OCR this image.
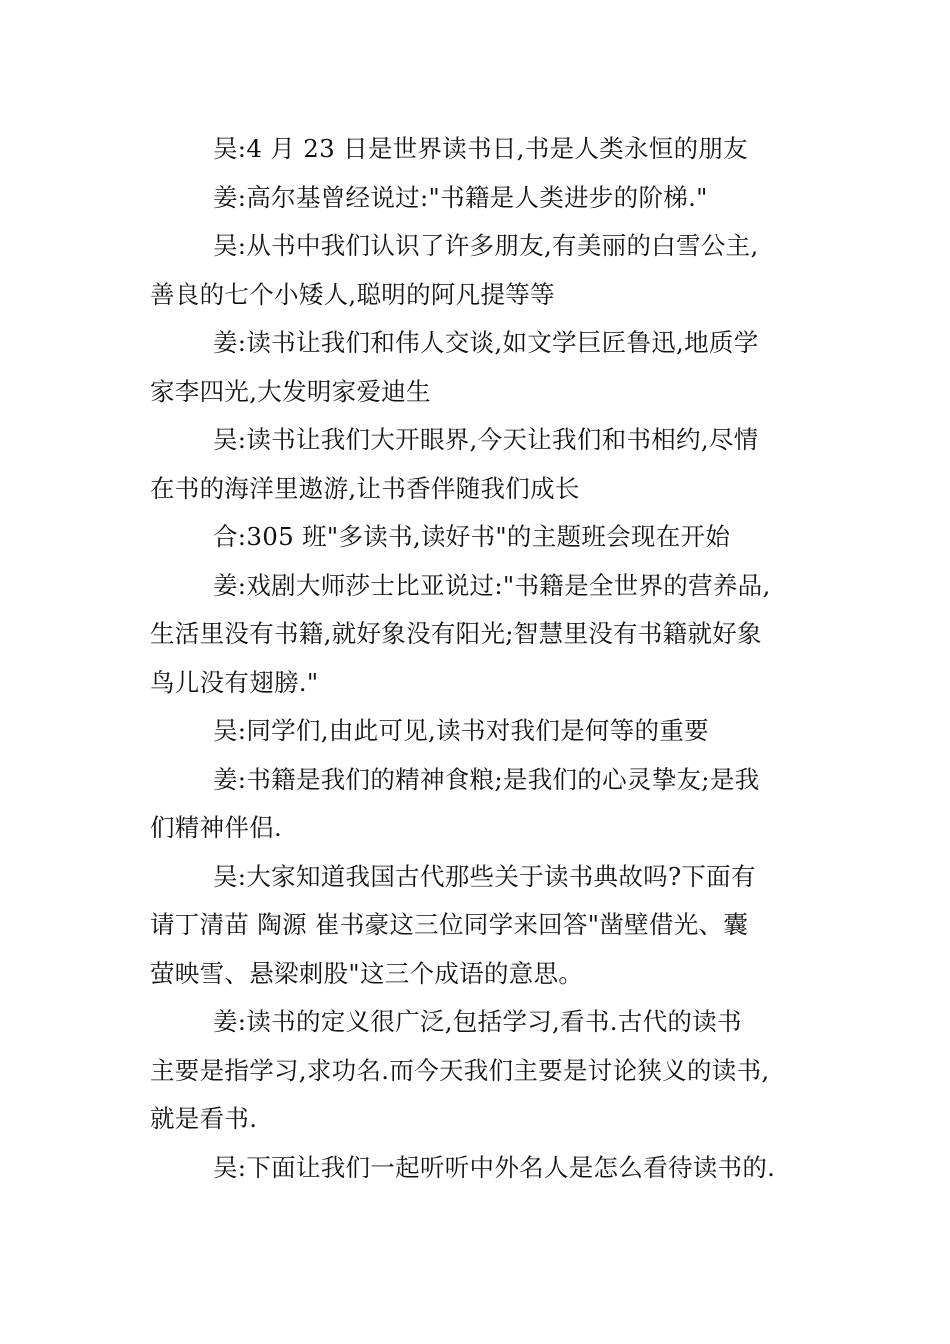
吴:4 月 23 日是世界读书日,书是人类永恒的朋友

姜:高尔基曾经说过:"书籍是人类进步的阶梯."

吴:从书中我们认识了许多朋友,有美丽的白雪公主,
善良的七个小矮人,聪明的阿凡提等等

姜:读书让我们和伟人交谈,如文学巨匠鲁迅,地质学
家李四光,大发明家爱迪生

吴:读书让我们大开眼界,今天让我们和书相约,尽情
在书的海洋里遨游,让书香伴随我们成长

合:305 班"多读书,读好书"的主题班会现在开始

姜:戏剧大师莎士比亚说过:"书籍是全世界的营养品,
生活里没有书籍,就好象没有阳光;智慧里没有书籍就好象
鸟儿没有翅膀."

吴:同学们,由此可见,读书对我们是何等的重要

姜:书籍是我们的精神食粮;是我们的心灵挚友;是我
们精神伴侣.

吴:大家知道我国古代那些关于读书典故吗?下面有
请丁清苗 陶源 崔书豪这三位同学来回答"凿壁借光、囊
萤映雪、悬梁刺股"这三个成语的意思。

姜:读书的定义很广泛,包括学习,看书.古代的读书
主要是指学习,求功名.而今天我们主要是讨论狭义的读书,
就是看书.

吴:下面让我们一起听听中外名人是怎么看待读书的.
